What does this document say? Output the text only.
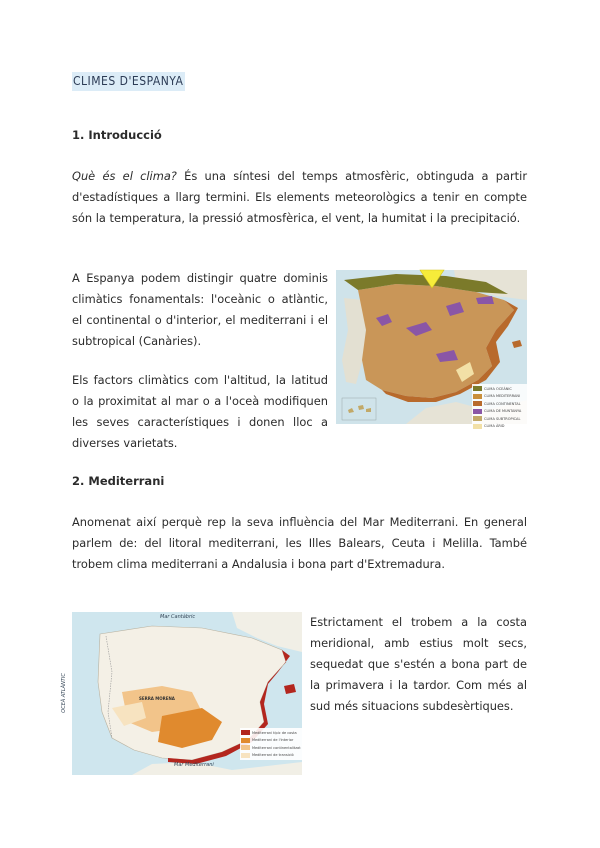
CLIMES D'ESPANYA
1. Introducció
Què és el clima? És una síntesi del temps atmosfèric, obtinguda a partir d'estadístiques a llarg termini. Els elements meteorològics a tenir en compte són la temperatura, la pressió atmosfèrica, el vent, la humitat i la precipitació.
A Espanya podem distingir quatre dominis climàtics fonamentals: l'oceànic o atlàntic, el continental o d'interior, el mediterrani i el subtropical (Canàries).
Els factors climàtics com l'altitud, la latitud o la proximitat al mar o a l'oceà modifiquen les seves característiques i donen lloc a diverses varietats.
CLIMA OCEÀNIC
CLIMA MEDITERRANI
CLIMA CONTINENTAL
CLIMA DE MUNTANYA
CLIMA SUBTROPICAL
CLIMA ÀRID
2. Mediterrani
Anomenat així perquè rep la seva influència del Mar Mediterrani. En general parlem de: del litoral mediterrani, les Illes Balears, Ceuta i Melilla. També trobem clima mediterrani a Andalusia i bona part d'Extremadura.
Mar Cantàbric
OCEÀ ATLÀNTIC
Mar Mediterrani
SERRA MORENA
Mediterrani típic de costa
Mediterrani de l'interior
Mediterrani continentalitzat
Mediterrani de transició
Estrictament el trobem a la costa meridional, amb estius molt secs, sequedat que s'estén a bona part de la primavera i la tardor. Com més al sud més situacions subdesèrtiques.
